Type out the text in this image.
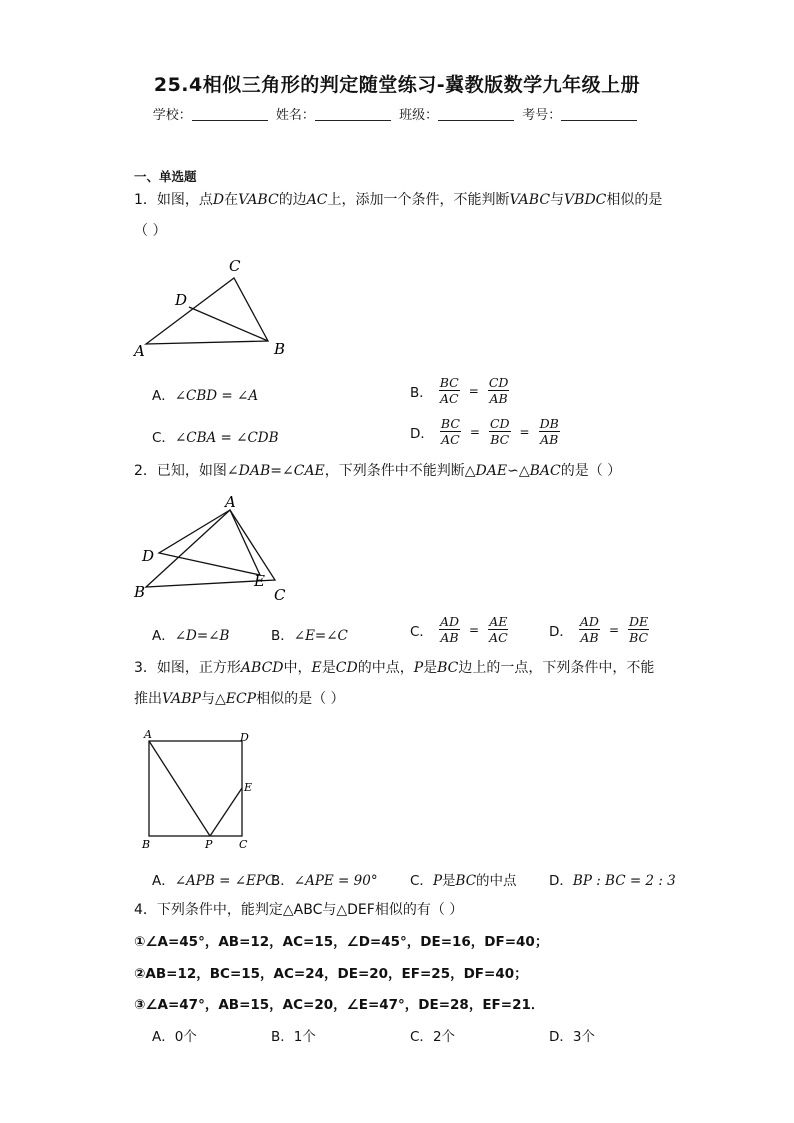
25.4相似三角形的判定随堂练习-冀教版数学九年级上册
学校：	姓名：	班级：	考号：
一、单选题
1．如图，点D在VABC的边AC上，添加一个条件，不能判断VABC与VBDC相似的是
（ ）
A	B
C
D
A．∠CBD = ∠A	B． $\frac{BC}{AC} = \frac{CD}{AB}$
C．∠CBA = ∠CDB	D． $\frac{BC}{AC} = \frac{CD}{BC} = \frac{DB}{AB}$
2．已知，如图∠DAB=∠CAE，下列条件中不能判断△DAE∽△BAC的是（ ）
A
B	C
D
E
A．∠D=∠B	B．∠E=∠C	C． $\frac{AD}{AB} = \frac{AE}{AC}$	D． $\frac{AD}{AB} = \frac{DE}{BC}$
3．如图，正方形ABCD中，E是CD的中点，P是BC边上的一点，下列条件中，不能
推出VABP与△ECP相似的是（ ）
A	D
E
B	P C
A．∠APB = ∠EPC
B．∠APE = 90° C．P是BC的中点 D．BP : BC = 2 : 3
4．下列条件中，能判定△ABC与△DEF相似的有（ ）
①∠A=45°，AB=12，AC=15，∠D=45°，DE=16，DF=40；
②AB=12，BC=15，AC=24，DE=20，EF=25，DF=40；
③∠A=47°，AB=15，AC=20，∠E=47°，DE=28，EF=21．
A．0个	B．1个	C．2个	D．3个
